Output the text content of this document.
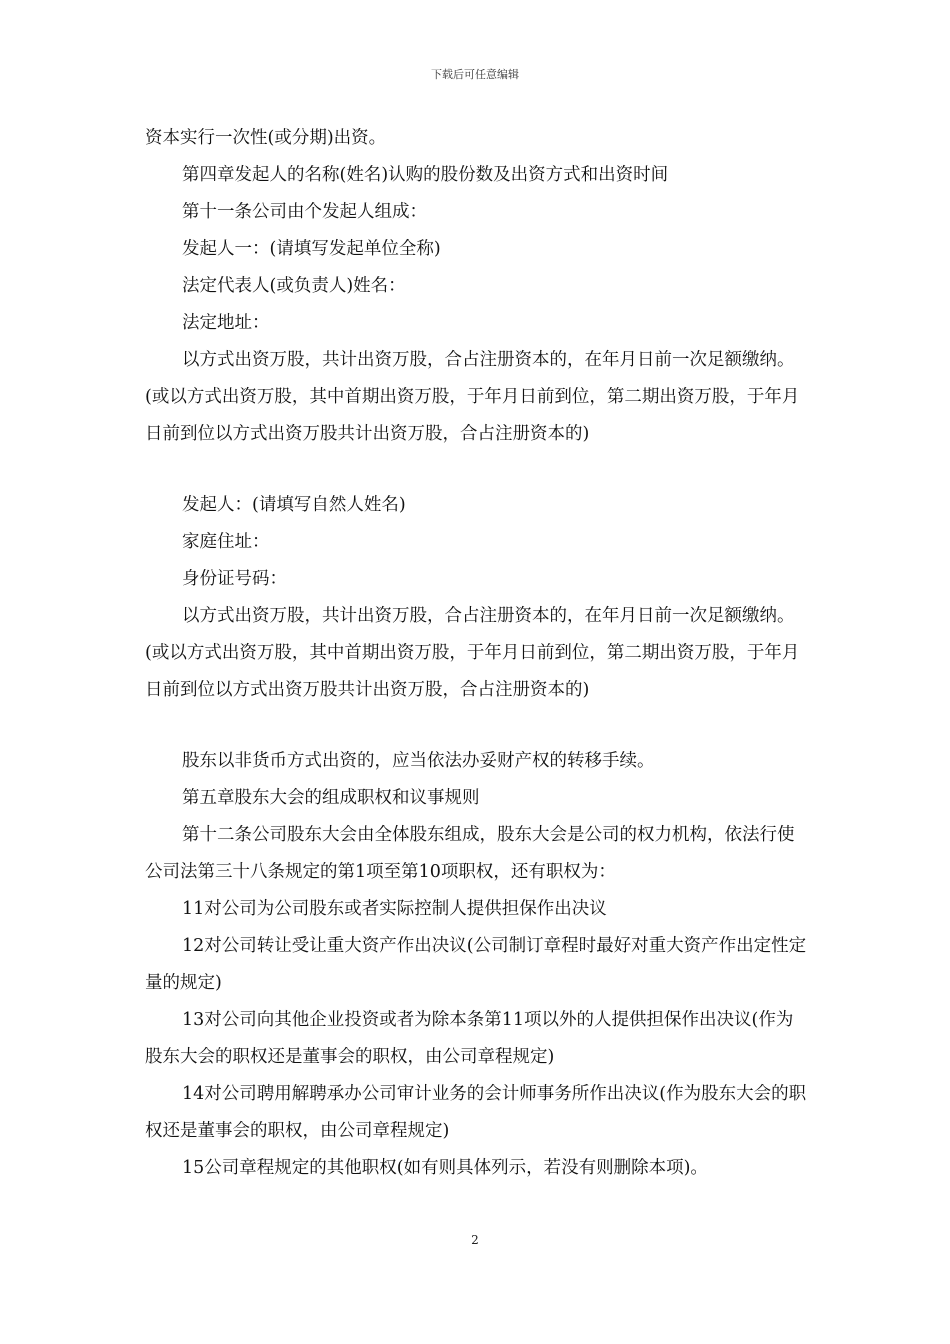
下载后可任意编辑

资本实行一次性(或分期)出资。

第四章发起人的名称(姓名)认购的股份数及出资方式和出资时间

第十一条公司由个发起人组成：

发起人一：(请填写发起单位全称)

法定代表人(或负责人)姓名：

法定地址：

以方式出资万股，共计出资万股，合占注册资本的，在年月日前一次足额缴纳。(或以方式出资万股，其中首期出资万股，于年月日前到位，第二期出资万股，于年月日前到位以方式出资万股共计出资万股，合占注册资本的)

发起人：(请填写自然人姓名)

家庭住址：

身份证号码：

以方式出资万股，共计出资万股，合占注册资本的，在年月日前一次足额缴纳。(或以方式出资万股，其中首期出资万股，于年月日前到位，第二期出资万股，于年月日前到位以方式出资万股共计出资万股，合占注册资本的)

股东以非货币方式出资的，应当依法办妥财产权的转移手续。

第五章股东大会的组成职权和议事规则

第十二条公司股东大会由全体股东组成，股东大会是公司的权力机构，依法行使公司法第三十八条规定的第1项至第10项职权，还有职权为：

11对公司为公司股东或者实际控制人提供担保作出决议

12对公司转让受让重大资产作出决议(公司制订章程时最好对重大资产作出定性定量的规定)

13对公司向其他企业投资或者为除本条第11项以外的人提供担保作出决议(作为股东大会的职权还是董事会的职权，由公司章程规定)

14对公司聘用解聘承办公司审计业务的会计师事务所作出决议(作为股东大会的职权还是董事会的职权，由公司章程规定)

15公司章程规定的其他职权(如有则具体列示，若没有则删除本项)。

2
